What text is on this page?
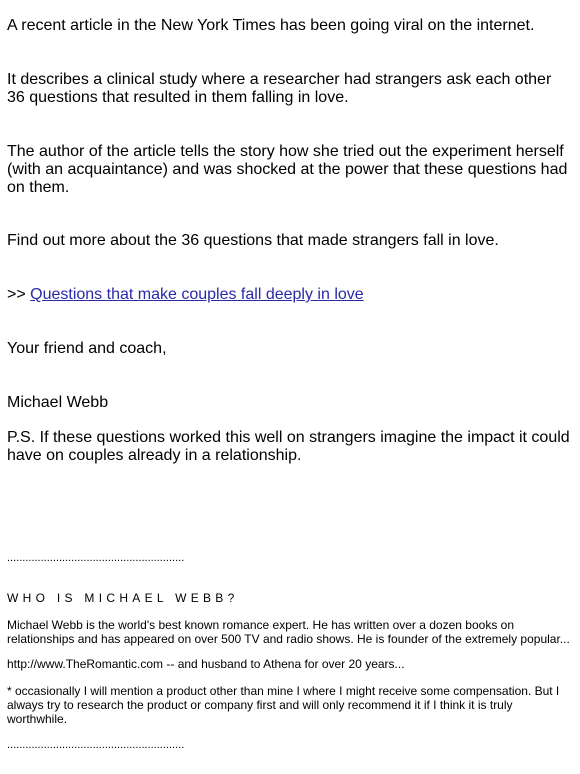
A recent article in the New York Times has been going viral on the internet.

It describes a clinical study where a researcher had strangers ask each other 36 questions that resulted in them falling in love.

The author of the article tells the story how she tried out the experiment herself (with an acquaintance) and was shocked at the power that these questions had on them.

Find out more about the 36 questions that made strangers fall in love.

>> Questions that make couples fall deeply in love

Your friend and coach,

Michael Webb

P.S. If these questions worked this well on strangers imagine the impact it could have on couples already in a relationship.

..........................................................

WHO IS MICHAEL WEBB?

Michael Webb is the world's best known romance expert. He has written over a dozen books on relationships and has appeared on over 500 TV and radio shows. He is founder of the extremely popular...

http://www.TheRomantic.com -- and husband to Athena for over 20 years...

* occasionally I will mention a product other than mine I where I might receive some compensation. But I always try to research the product or company first and will only recommend it if I think it is truly worthwhile.

..........................................................
